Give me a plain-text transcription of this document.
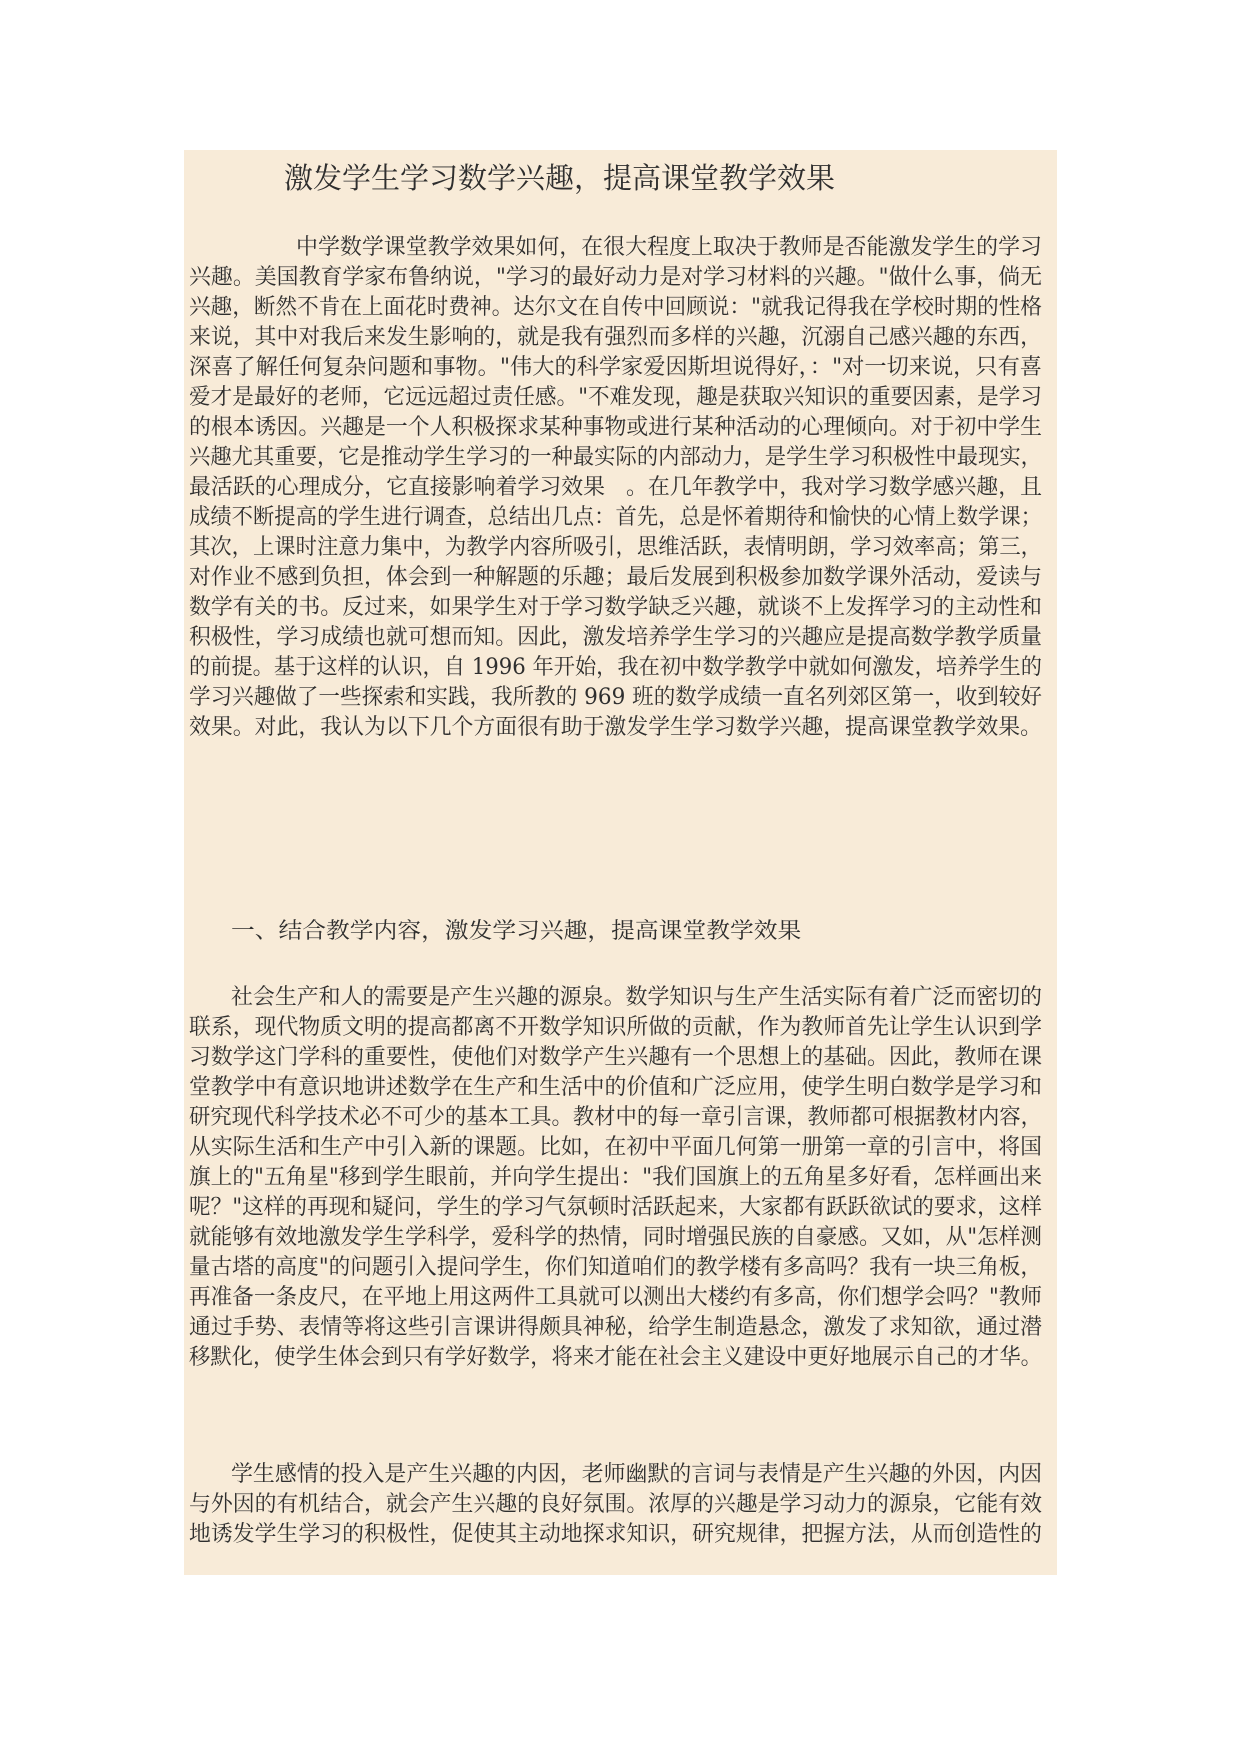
激发学生学习数学兴趣，提高课堂教学效果
中学数学课堂教学效果如何，在很大程度上取决于教师是否能激发学生的学习
兴趣。美国教育学家布鲁纳说，"学习的最好动力是对学习材料的兴趣。"做什么事，倘无
兴趣，断然不肯在上面花时费神。达尔文在自传中回顾说："就我记得我在学校时期的性格
来说，其中对我后来发生影响的，就是我有强烈而多样的兴趣，沉溺自己感兴趣的东西，
深喜了解任何复杂问题和事物。"伟大的科学家爱因斯坦说得好，："对一切来说，只有喜
爱才是最好的老师，它远远超过责任感。"不难发现，趣是获取兴知识的重要因素，是学习
的根本诱因。兴趣是一个人积极探求某种事物或进行某种活动的心理倾向。对于初中学生
兴趣尤其重要，它是推动学生学习的一种最实际的内部动力，是学生学习积极性中最现实，
最活跃的心理成分，它直接影响着学习效果   。在几年教学中，我对学习数学感兴趣，且
成绩不断提高的学生进行调查，总结出几点：首先，总是怀着期待和愉快的心情上数学课；
其次，上课时注意力集中，为教学内容所吸引，思维活跃，表情明朗，学习效率高；第三，
对作业不感到负担，体会到一种解题的乐趣；最后发展到积极参加数学课外活动，爱读与
数学有关的书。反过来，如果学生对于学习数学缺乏兴趣，就谈不上发挥学习的主动性和
积极性，学习成绩也就可想而知。因此，激发培养学生学习的兴趣应是提高数学教学质量
的前提。基于这样的认识，自 1996 年开始，我在初中数学教学中就如何激发，培养学生的
学习兴趣做了一些探索和实践，我所教的 969 班的数学成绩一直名列郊区第一，收到较好
效果。对此，我认为以下几个方面很有助于激发学生学习数学兴趣，提高课堂教学效果。
一、结合教学内容，激发学习兴趣，提高课堂教学效果
社会生产和人的需要是产生兴趣的源泉。数学知识与生产生活实际有着广泛而密切的
联系，现代物质文明的提高都离不开数学知识所做的贡献，作为教师首先让学生认识到学
习数学这门学科的重要性，使他们对数学产生兴趣有一个思想上的基础。因此，教师在课
堂教学中有意识地讲述数学在生产和生活中的价值和广泛应用，使学生明白数学是学习和
研究现代科学技术必不可少的基本工具。教材中的每一章引言课，教师都可根据教材内容，
从实际生活和生产中引入新的课题。比如，在初中平面几何第一册第一章的引言中，将国
旗上的"五角星"移到学生眼前，并向学生提出："我们国旗上的五角星多好看，怎样画出来
呢？"这样的再现和疑问，学生的学习气氛顿时活跃起来，大家都有跃跃欲试的要求，这样
就能够有效地激发学生学科学，爱科学的热情，同时增强民族的自豪感。又如，从"怎样测
量古塔的高度"的问题引入提问学生，你们知道咱们的教学楼有多高吗？我有一块三角板，
再准备一条皮尺，在平地上用这两件工具就可以测出大楼约有多高，你们想学会吗？"教师
通过手势、表情等将这些引言课讲得颇具神秘，给学生制造悬念，激发了求知欲，通过潜
移默化，使学生体会到只有学好数学，将来才能在社会主义建设中更好地展示自己的才华。
学生感情的投入是产生兴趣的内因，老师幽默的言词与表情是产生兴趣的外因，内因
与外因的有机结合，就会产生兴趣的良好氛围。浓厚的兴趣是学习动力的源泉，它能有效
地诱发学生学习的积极性，促使其主动地探求知识，研究规律，把握方法，从而创造性的
